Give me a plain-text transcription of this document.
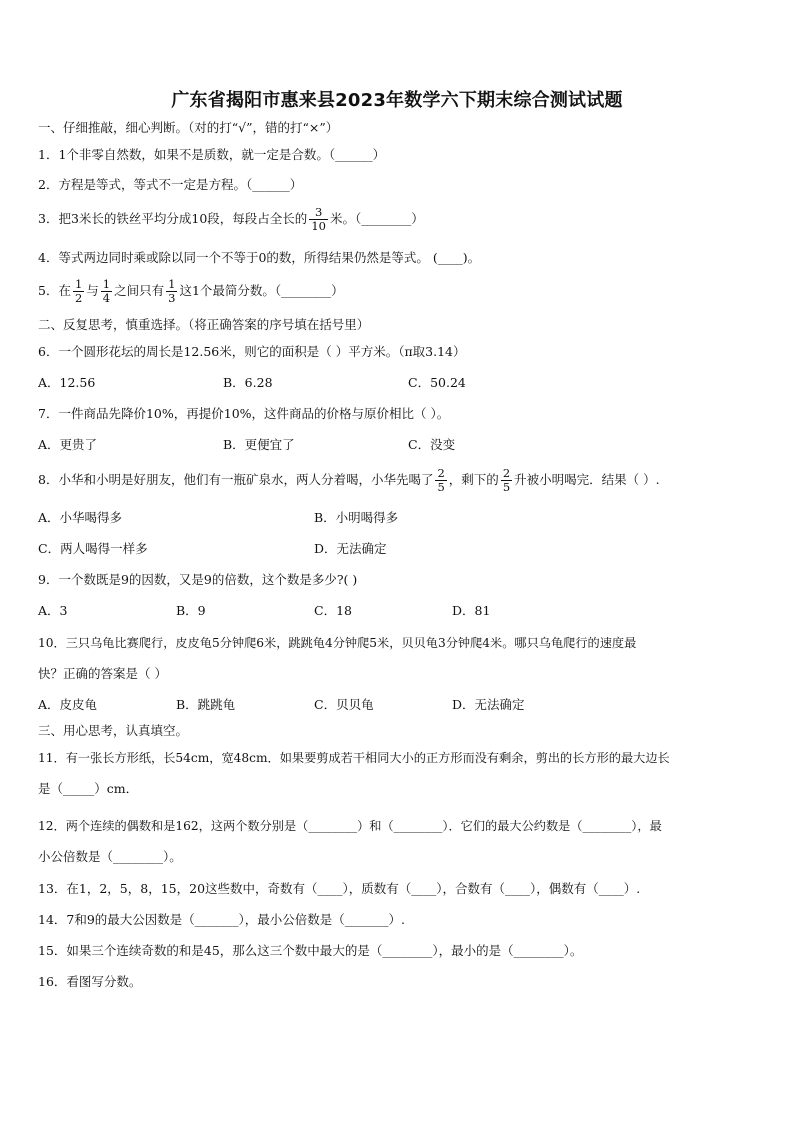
广东省揭阳市惠来县2023年数学六下期末综合测试试题
一、仔细推敲，细心判断。（对的打“√”，错的打“×”）
1．1个非零自然数，如果不是质数，就一定是合数。（______）
2．方程是等式，等式不一定是方程。（______）
3．把3米长的铁丝平均分成10段，每段占全长的 $\frac{3}{10}$ 米。（________）
4．等式两边同时乘或除以同一个不等于0的数，所得结果仍然是等式。 (____)。
5．在 $\frac{1}{2}$ 与 $\frac{1}{4}$ 之间只有 $\frac{1}{3}$ 这1个最简分数。（________）
二、反复思考，慎重选择。（将正确答案的序号填在括号里）
6．一个圆形花坛的周长是12.56米，则它的面积是（ ）平方米。（π取3.14）
A．12.56	B．6.28	C．50.24
7．一件商品先降价10%，再提价10%，这件商品的价格与原价相比（ ）。
A．更贵了	B．更便宜了	C．没变
8．小华和小明是好朋友，他们有一瓶矿泉水，两人分着喝，小华先喝了 $\frac{2}{5}$ ，剩下的 $\frac{2}{5}$ 升被小明喝完．结果（ ）.
A．小华喝得多	B．小明喝得多
C．两人喝得一样多	D．无法确定
9．一个数既是9的因数，又是9的倍数，这个数是多少?( )
A．3	B．9	C．18	D．81
10．三只乌龟比赛爬行，皮皮龟5分钟爬6米，跳跳龟4分钟爬5米，贝贝龟3分钟爬4米。哪只乌龟爬行的速度最
快？正确的答案是（ ）
A．皮皮龟	B．跳跳龟	C．贝贝龟	D．无法确定
三、用心思考，认真填空。
11．有一张长方形纸，长54cm，宽48cm．如果要剪成若干相同大小的正方形而没有剩余，剪出的长方形的最大边长
是（_____）cm．
12．两个连续的偶数和是162，这两个数分别是（________）和（________）．它们的最大公约数是（________），最
小公倍数是（________）。
13．在1，2，5，8，15，20这些数中，奇数有（____），质数有（____），合数有（____），偶数有（____）.
14．7和9的最大公因数是（_______），最小公倍数是（_______）.
15．如果三个连续奇数的和是45，那么这三个数中最大的是（________），最小的是（________）。
16．看图写分数。
